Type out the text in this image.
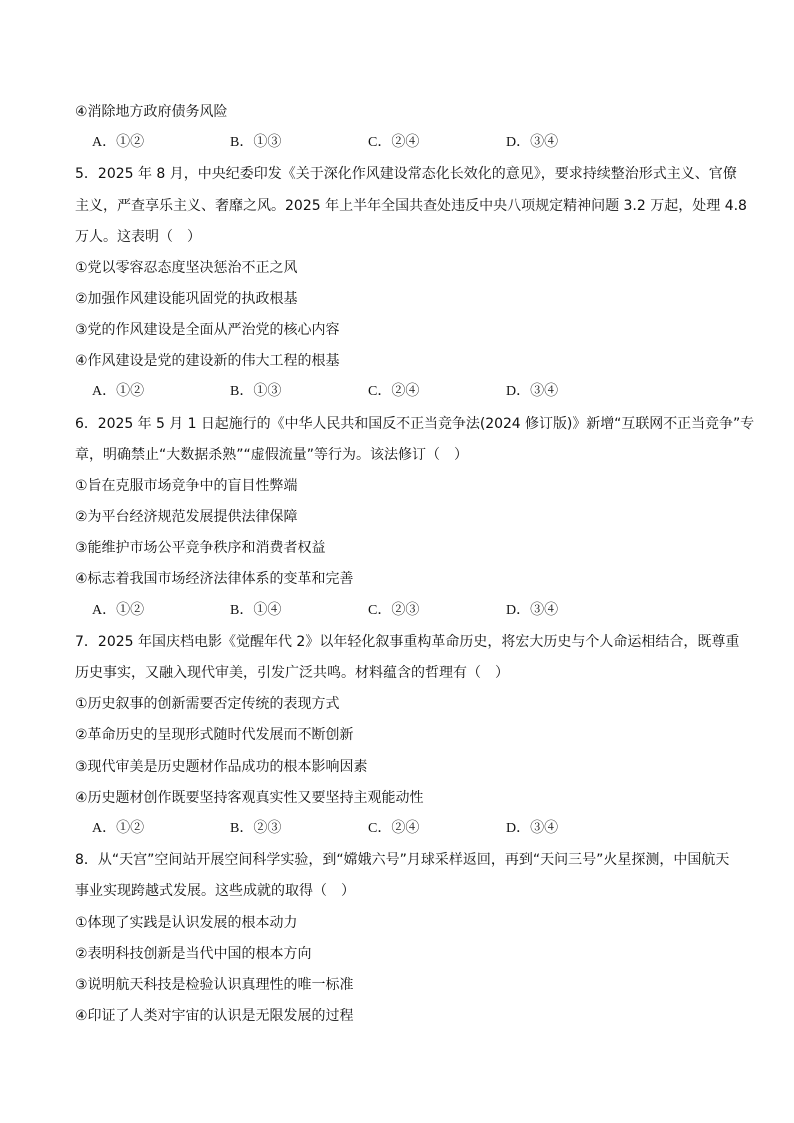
④消除地方政府债务风险
A．①②	B．①③	C．②④	D．③④
5．2025 年 8 月，中央纪委印发《关于深化作风建设常态化长效化的意见》，要求持续整治形式主义、官僚
主义，严查享乐主义、奢靡之风。2025 年上半年全国共查处违反中央八项规定精神问题 3.2 万起，处理 4.8
万人。这表明（　）
①党以零容忍态度坚决惩治不正之风
②加强作风建设能巩固党的执政根基
③党的作风建设是全面从严治党的核心内容
④作风建设是党的建设新的伟大工程的根基
A．①②	B．①③	C．②④	D．③④
6．2025 年 5 月 1 日起施行的《中华人民共和国反不正当竞争法(2024 修订版)》新增“互联网不正当竞争”专
章，明确禁止“大数据杀熟”“虚假流量”等行为。该法修订（　）
①旨在克服市场竞争中的盲目性弊端
②为平台经济规范发展提供法律保障
③能维护市场公平竞争秩序和消费者权益
④标志着我国市场经济法律体系的变革和完善
A．①②	B．①④	C．②③	D．③④
7．2025 年国庆档电影《觉醒年代 2》以年轻化叙事重构革命历史，将宏大历史与个人命运相结合，既尊重
历史事实，又融入现代审美，引发广泛共鸣。材料蕴含的哲理有（　）
①历史叙事的创新需要否定传统的表现方式
②革命历史的呈现形式随时代发展而不断创新
③现代审美是历史题材作品成功的根本影响因素
④历史题材创作既要坚持客观真实性又要坚持主观能动性
A．①②	B．②③	C．②④	D．③④
8．从“天宫”空间站开展空间科学实验，到“嫦娥六号”月球采样返回，再到“天问三号”火星探测，中国航天
事业实现跨越式发展。这些成就的取得（　）
①体现了实践是认识发展的根本动力
②表明科技创新是当代中国的根本方向
③说明航天科技是检验认识真理性的唯一标准
④印证了人类对宇宙的认识是无限发展的过程
